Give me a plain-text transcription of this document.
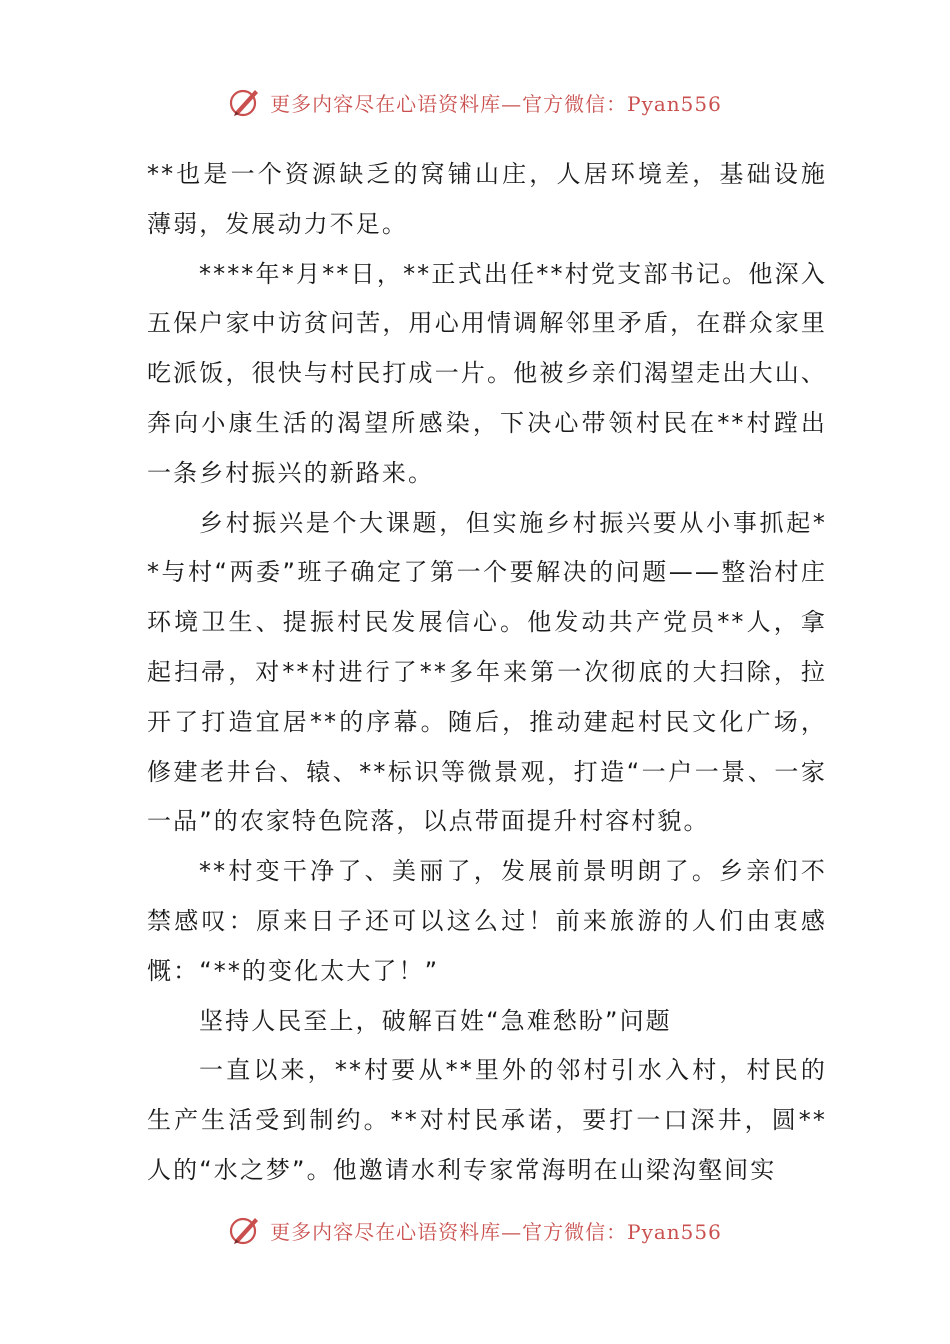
更多内容尽在心语资料库—官方微信：Pyan556

**也是一个资源缺乏的窝铺山庄，人居环境差，基础设施薄弱，发展动力不足。

****年*月**日，**正式出任**村党支部书记。他深入五保户家中访贫问苦，用心用情调解邻里矛盾，在群众家里吃派饭，很快与村民打成一片。他被乡亲们渴望走出大山、奔向小康生活的渴望所感染，下决心带领村民在**村蹚出一条乡村振兴的新路来。

乡村振兴是个大课题，但实施乡村振兴要从小事抓起**与村“两委”班子确定了第一个要解决的问题——整治村庄环境卫生、提振村民发展信心。他发动共产党员**人，拿起扫帚，对**村进行了**多年来第一次彻底的大扫除，拉开了打造宜居**的序幕。随后，推动建起村民文化广场，修建老井台、辕、**标识等微景观，打造“一户一景、一家一品”的农家特色院落，以点带面提升村容村貌。

**村变干净了、美丽了，发展前景明朗了。乡亲们不禁感叹：原来日子还可以这么过！前来旅游的人们由衷感慨：“**的变化太大了！”

坚持人民至上，破解百姓“急难愁盼”问题

一直以来，**村要从**里外的邻村引水入村，村民的生产生活受到制约。**对村民承诺，要打一口深井，圆**人的“水之梦”。他邀请水利专家常海明在山梁沟壑间实

更多内容尽在心语资料库—官方微信：Pyan556
